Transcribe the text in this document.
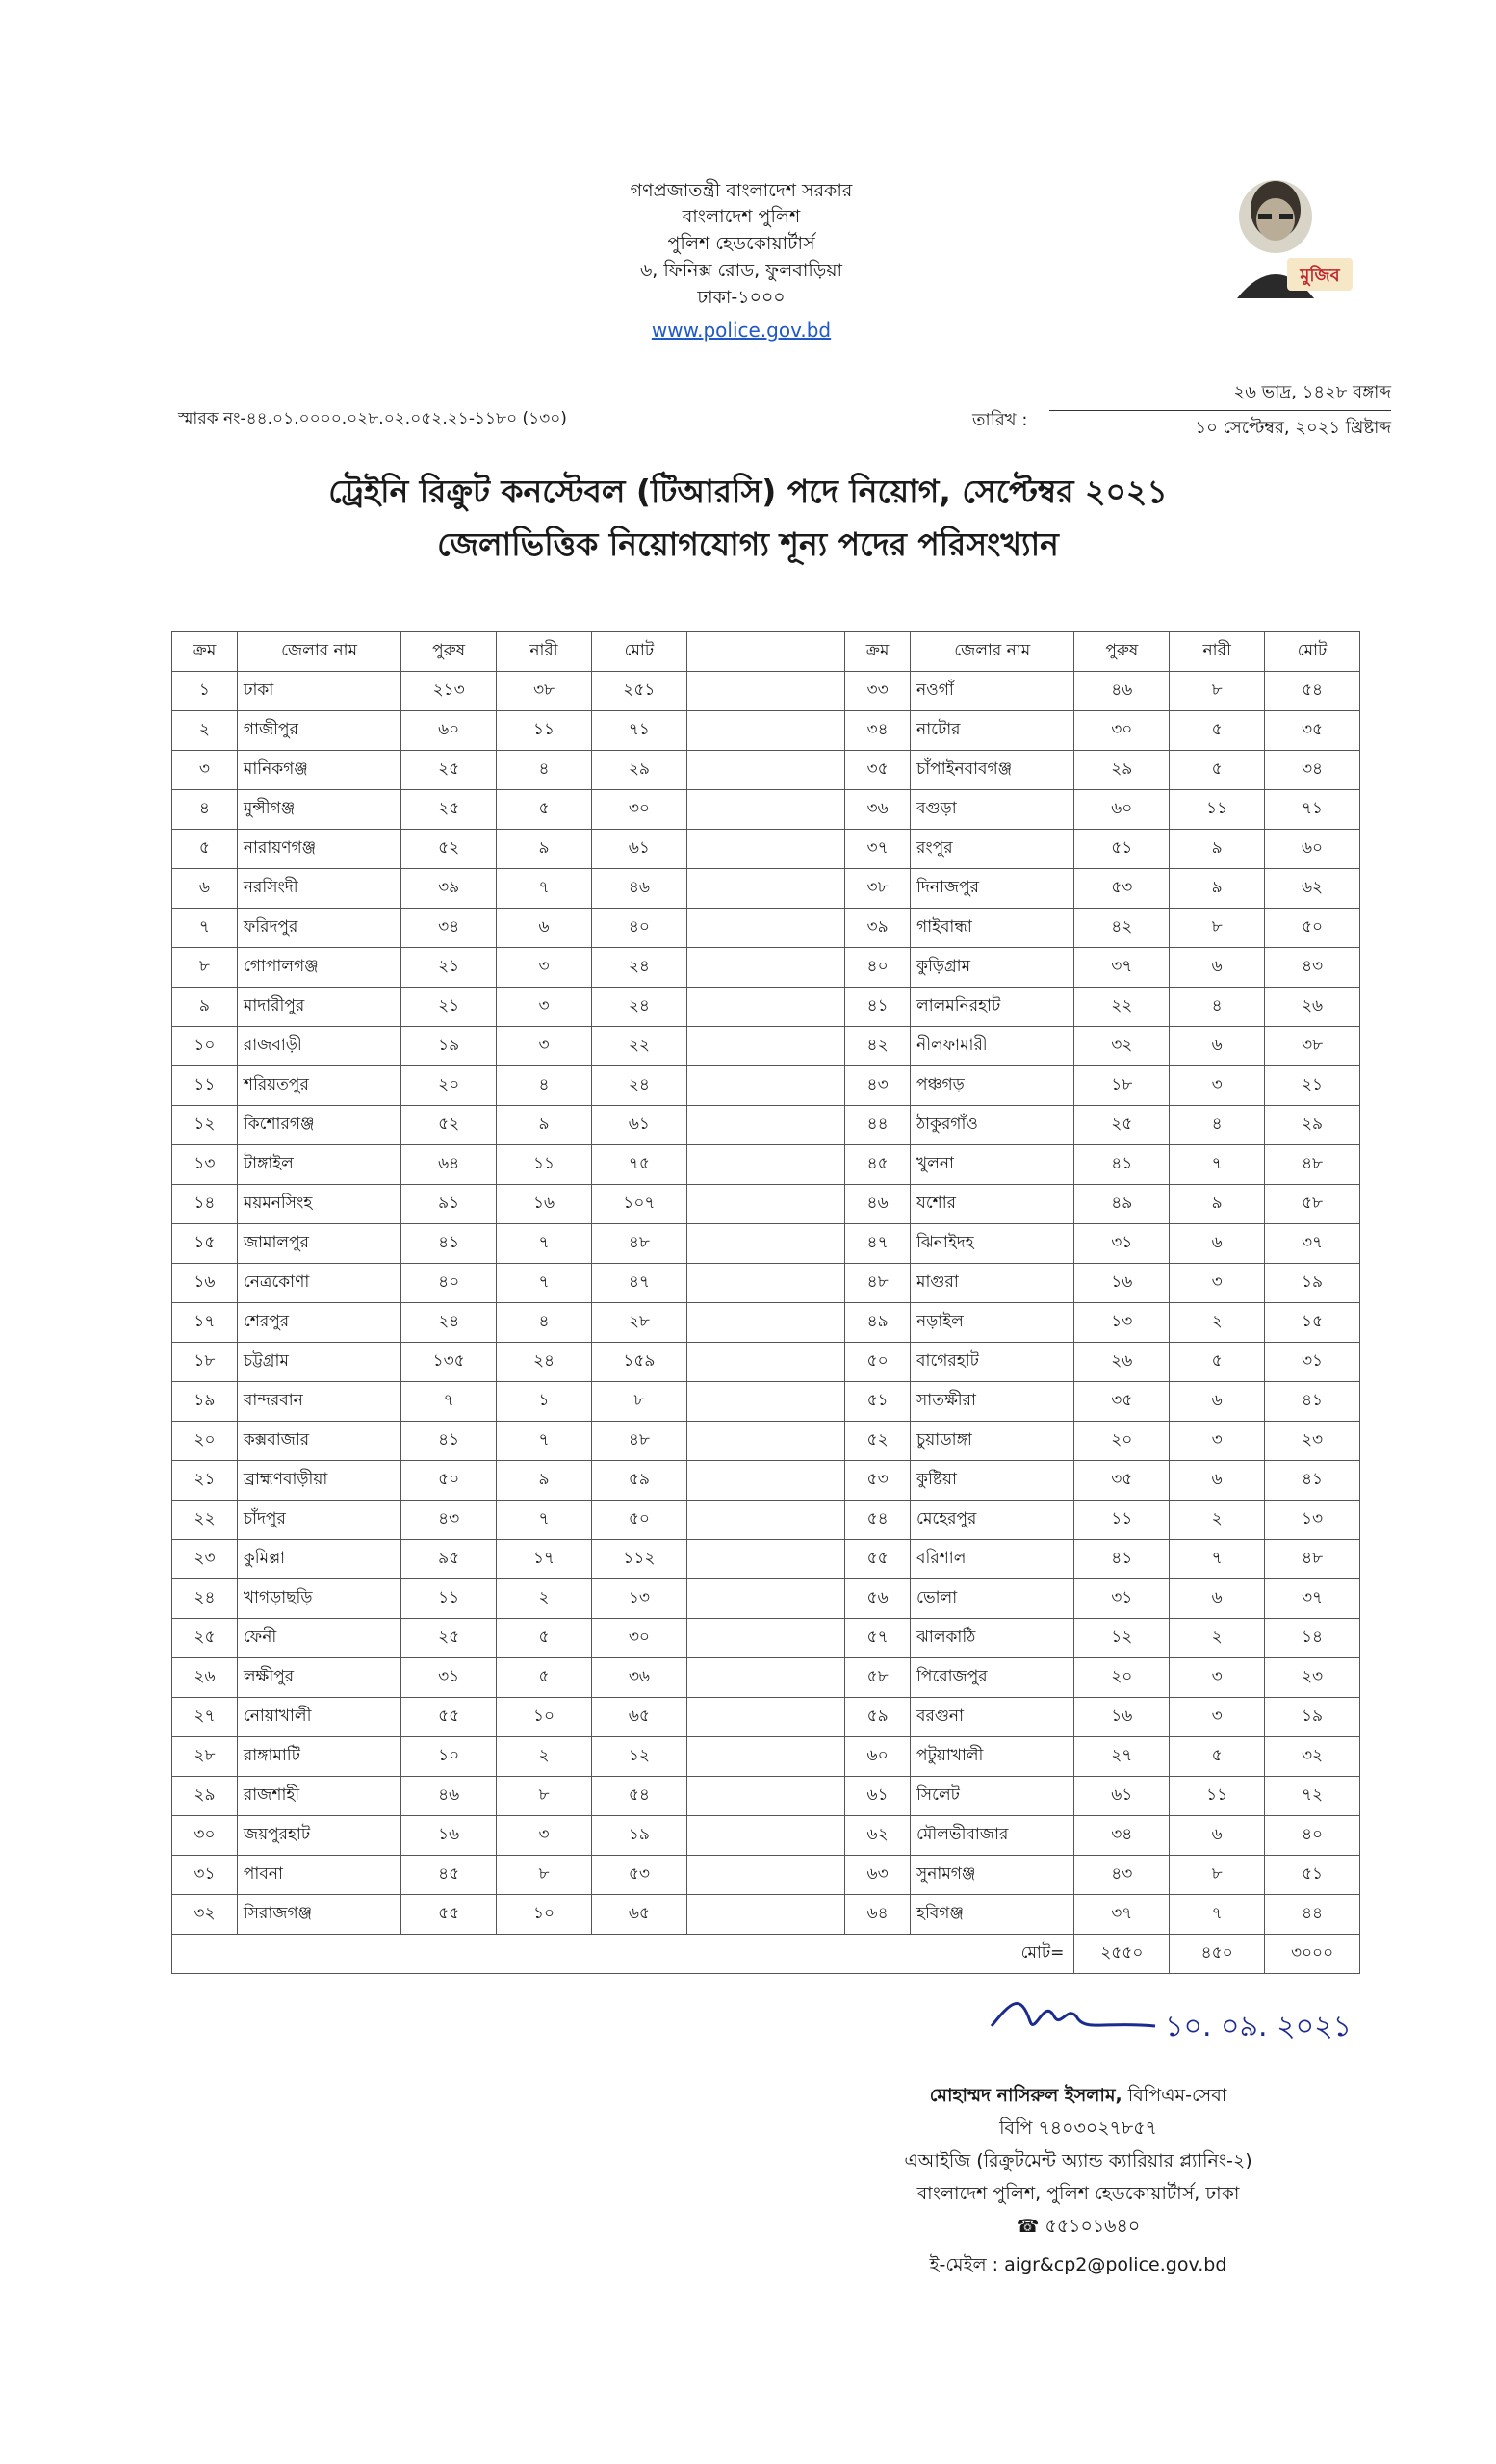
গণপ্রজাতন্ত্রী বাংলাদেশ সরকার
বাংলাদেশ পুলিশ
পুলিশ হেডকোয়ার্টার্স
৬, ফিনিক্স রোড, ফুলবাড়িয়া
ঢাকা-১০০০
www.police.gov.bd
মুজিব
স্মারক নং-৪৪.০১.০০০০.০২৮.০২.০৫২.২১-১১৮০ (১৩০)	তারিখ :
২৬ ভাদ্র, ১৪২৮ বঙ্গাব্দ
১০ সেপ্টেম্বর, ২০২১ খ্রিষ্টাব্দ
ট্রেইনি রিক্রুট কনস্টেবল (টিআরসি) পদে নিয়োগ, সেপ্টেম্বর ২০২১
জেলাভিত্তিক নিয়োগযোগ্য শূন্য পদের পরিসংখ্যান
ক্রম	জেলার নাম	পুরুষ	নারী	মোট		ক্রম	জেলার নাম	পুরুষ	নারী	মোট
১	ঢাকা	২১৩	৩৮	২৫১		৩৩	নওগাঁ	৪৬	৮	৫৪
২	গাজীপুর	৬০	১১	৭১		৩৪	নাটোর	৩০	৫	৩৫
৩	মানিকগঞ্জ	২৫	৪	২৯		৩৫	চাঁপাইনবাবগঞ্জ	২৯	৫	৩৪
৪	মুন্সীগঞ্জ	২৫	৫	৩০		৩৬	বগুড়া	৬০	১১	৭১
৫	নারায়ণগঞ্জ	৫২	৯	৬১		৩৭	রংপুর	৫১	৯	৬০
৬	নরসিংদী	৩৯	৭	৪৬		৩৮	দিনাজপুর	৫৩	৯	৬২
৭	ফরিদপুর	৩৪	৬	৪০		৩৯	গাইবান্ধা	৪২	৮	৫০
৮	গোপালগঞ্জ	২১	৩	২৪		৪০	কুড়িগ্রাম	৩৭	৬	৪৩
৯	মাদারীপুর	২১	৩	২৪		৪১	লালমনিরহাট	২২	৪	২৬
১০	রাজবাড়ী	১৯	৩	২২		৪২	নীলফামারী	৩২	৬	৩৮
১১	শরিয়তপুর	২০	৪	২৪		৪৩	পঞ্চগড়	১৮	৩	২১
১২	কিশোরগঞ্জ	৫২	৯	৬১		৪৪	ঠাকুরগাঁও	২৫	৪	২৯
১৩	টাঙ্গাইল	৬৪	১১	৭৫		৪৫	খুলনা	৪১	৭	৪৮
১৪	ময়মনসিংহ	৯১	১৬	১০৭		৪৬	যশোর	৪৯	৯	৫৮
১৫	জামালপুর	৪১	৭	৪৮		৪৭	ঝিনাইদহ	৩১	৬	৩৭
১৬	নেত্রকোণা	৪০	৭	৪৭		৪৮	মাগুরা	১৬	৩	১৯
১৭	শেরপুর	২৪	৪	২৮		৪৯	নড়াইল	১৩	২	১৫
১৮	চট্টগ্রাম	১৩৫	২৪	১৫৯		৫০	বাগেরহাট	২৬	৫	৩১
১৯	বান্দরবান	৭	১	৮		৫১	সাতক্ষীরা	৩৫	৬	৪১
২০	কক্সবাজার	৪১	৭	৪৮		৫২	চুয়াডাঙ্গা	২০	৩	২৩
২১	ব্রাহ্মণবাড়ীয়া	৫০	৯	৫৯		৫৩	কুষ্টিয়া	৩৫	৬	৪১
২২	চাঁদপুর	৪৩	৭	৫০		৫৪	মেহেরপুর	১১	২	১৩
২৩	কুমিল্লা	৯৫	১৭	১১২		৫৫	বরিশাল	৪১	৭	৪৮
২৪	খাগড়াছড়ি	১১	২	১৩		৫৬	ভোলা	৩১	৬	৩৭
২৫	ফেনী	২৫	৫	৩০		৫৭	ঝালকাঠি	১২	২	১৪
২৬	লক্ষীপুর	৩১	৫	৩৬		৫৮	পিরোজপুর	২০	৩	২৩
২৭	নোয়াখালী	৫৫	১০	৬৫		৫৯	বরগুনা	১৬	৩	১৯
২৮	রাঙ্গামাটি	১০	২	১২		৬০	পটুয়াখালী	২৭	৫	৩২
২৯	রাজশাহী	৪৬	৮	৫৪		৬১	সিলেট	৬১	১১	৭২
৩০	জয়পুরহাট	১৬	৩	১৯		৬২	মৌলভীবাজার	৩৪	৬	৪০
৩১	পাবনা	৪৫	৮	৫৩		৬৩	সুনামগঞ্জ	৪৩	৮	৫১
৩২	সিরাজগঞ্জ	৫৫	১০	৬৫		৬৪	হবিগঞ্জ	৩৭	৭	৪৪
মোট=								২৫৫০	৪৫০	৩০০০
১০. ০৯. ২০২১
মোহাম্মদ নাসিরুল ইসলাম, বিপিএম-সেবা
বিপি ৭৪০৩০২৭৮৫৭
এআইজি (রিক্রুটমেন্ট অ্যান্ড ক্যারিয়ার প্ল্যানিং-২)
বাংলাদেশ পুলিশ, পুলিশ হেডকোয়ার্টার্স, ঢাকা
☎ ৫৫১০১৬৪০
ই-মেইল : aigr&cp2@police.gov.bd
